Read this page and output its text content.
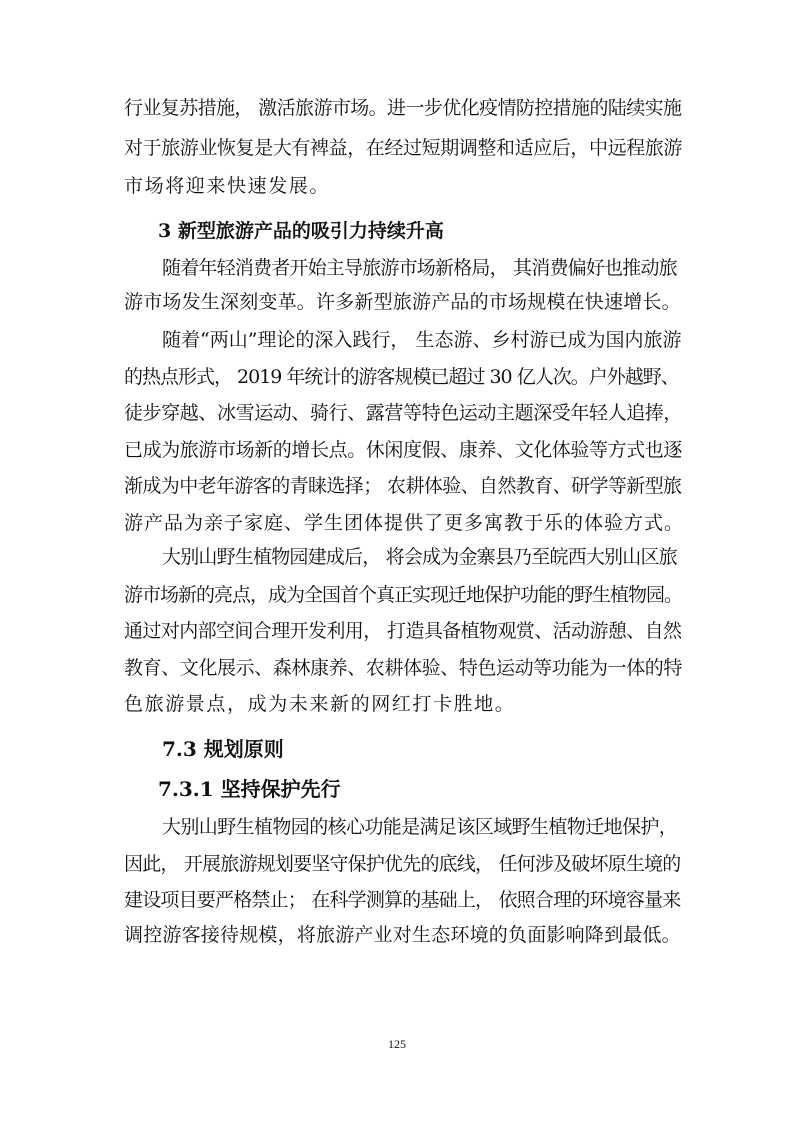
行业复苏措施， 激活旅游市场。进一步优化疫情防控措施的陆续实施
对于旅游业恢复是大有裨益，在经过短期调整和适应后，中远程旅游
市场将迎来快速发展。
3 新型旅游产品的吸引力持续升高
随着年轻消费者开始主导旅游市场新格局， 其消费偏好也推动旅
游市场发生深刻变革。许多新型旅游产品的市场规模在快速增长。
随着“两山”理论的深入践行， 生态游、乡村游已成为国内旅游
的热点形式， 2019 年统计的游客规模已超过 30 亿人次。户外越野、
徒步穿越、冰雪运动、骑行、露营等特色运动主题深受年轻人追捧，
已成为旅游市场新的增长点。休闲度假、康养、文化体验等方式也逐
渐成为中老年游客的青睐选择； 农耕体验、自然教育、研学等新型旅
游产品为亲子家庭、学生团体提供了更多寓教于乐的体验方式。
大别山野生植物园建成后， 将会成为金寨县乃至皖西大别山区旅
游市场新的亮点，成为全国首个真正实现迁地保护功能的野生植物园。
通过对内部空间合理开发利用， 打造具备植物观赏、活动游憩、自然
教育、文化展示、森林康养、农耕体验、特色运动等功能为一体的特
色旅游景点，成为未来新的网红打卡胜地。
7.3 规划原则
7.3.1 坚持保护先行
大别山野生植物园的核心功能是满足该区域野生植物迁地保护，
因此， 开展旅游规划要坚守保护优先的底线， 任何涉及破坏原生境的
建设项目要严格禁止； 在科学测算的基础上， 依照合理的环境容量来
调控游客接待规模，将旅游产业对生态环境的负面影响降到最低。
125
